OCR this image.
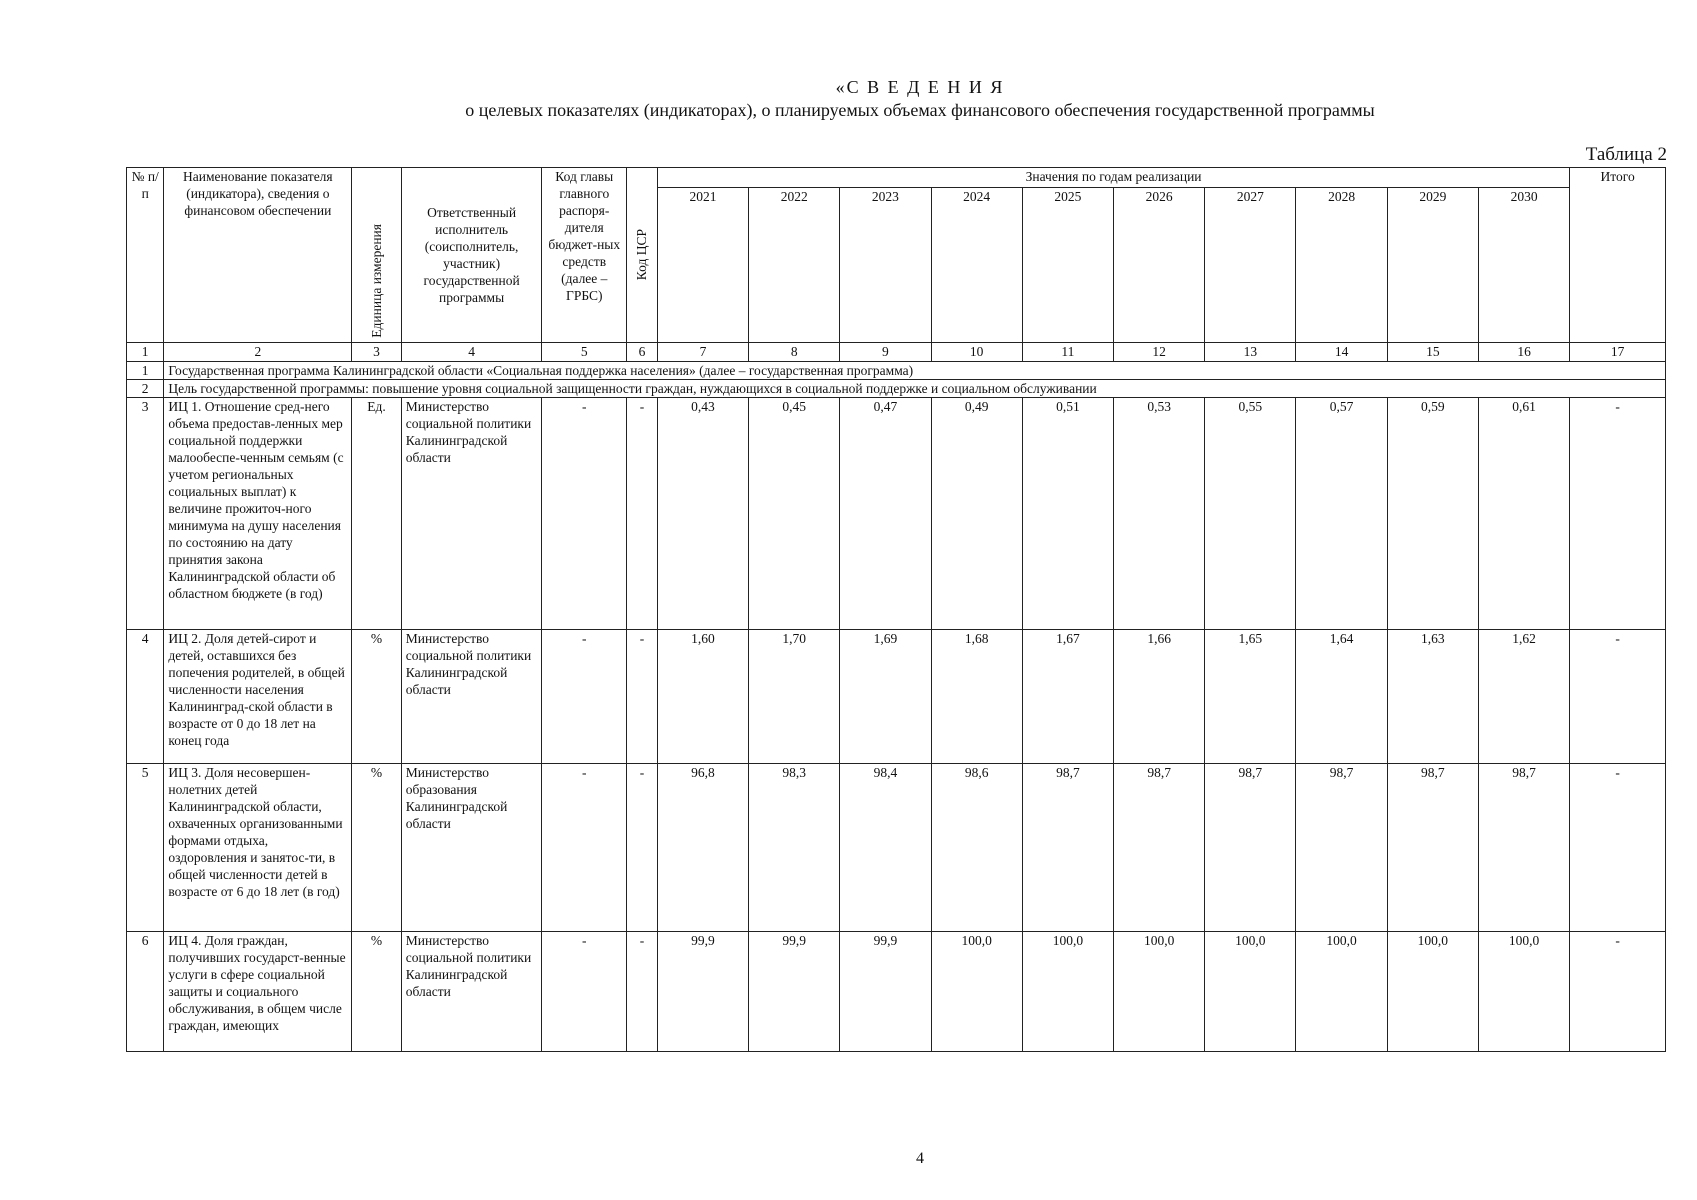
«С В Е Д Е Н И Я
о целевых показателях (индикаторах), о планируемых объемах финансового обеспечения государственной программы
Таблица 2
№ п/п	Наименование показателя (индикатора), сведения о финансовом обеспечении	Единица измерения	Ответственный исполнитель (соисполнитель, участник) государственной программы	Код главы главного распоря-дителя бюджет-ных средств (далее – ГРБС)	Код ЦСР	Значения по годам реализации										Итого
						2021	2022	2023	2024	2025	2026	2027	2028	2029	2030	
1	2	3	4	5	6	7	8	9	10	11	12	13	14	15	16	17
1	Государственная программа Калининградской области «Социальная поддержка населения» (далее – государственная программа)															
2	Цель государственной программы: повышение уровня социальной защищенности граждан, нуждающихся в социальной поддержке и социальном обслуживании															
3	ИЦ 1. Отношение сред-него объема предостав-ленных мер социальной поддержки малообеспе-ченным семьям (с учетом региональных социальных выплат) к величине прожиточ-ного минимума на душу населения по состоянию на дату принятия закона Калининградской области об областном бюджете (в год)	Ед.	Министерство социальной политики Калининградской области	-	-	0,43	0,45	0,47	0,49	0,51	0,53	0,55	0,57	0,59	0,61	-
4	ИЦ 2. Доля детей-сирот и детей, оставшихся без попечения родителей, в общей численности населения Калининград-ской области в возрасте от 0 до 18 лет на конец года	%	Министерство социальной политики Калининградской области	-	-	1,60	1,70	1,69	1,68	1,67	1,66	1,65	1,64	1,63	1,62	-
5	ИЦ 3. Доля несовершен-нолетних детей Калининградской области, охваченных организованными формами отдыха, оздоровления и занятос-ти, в общей численности детей в возрасте от 6 до 18 лет (в год)	%	Министерство образования Калининградской области	-	-	96,8	98,3	98,4	98,6	98,7	98,7	98,7	98,7	98,7	98,7	-
6	ИЦ 4. Доля граждан, получивших государст-венные услуги в сфере социальной защиты и социального обслуживания, в общем числе граждан, имеющих	%	Министерство социальной политики Калининградской области	-	-	99,9	99,9	99,9	100,0	100,0	100,0	100,0	100,0	100,0	100,0	-
4
